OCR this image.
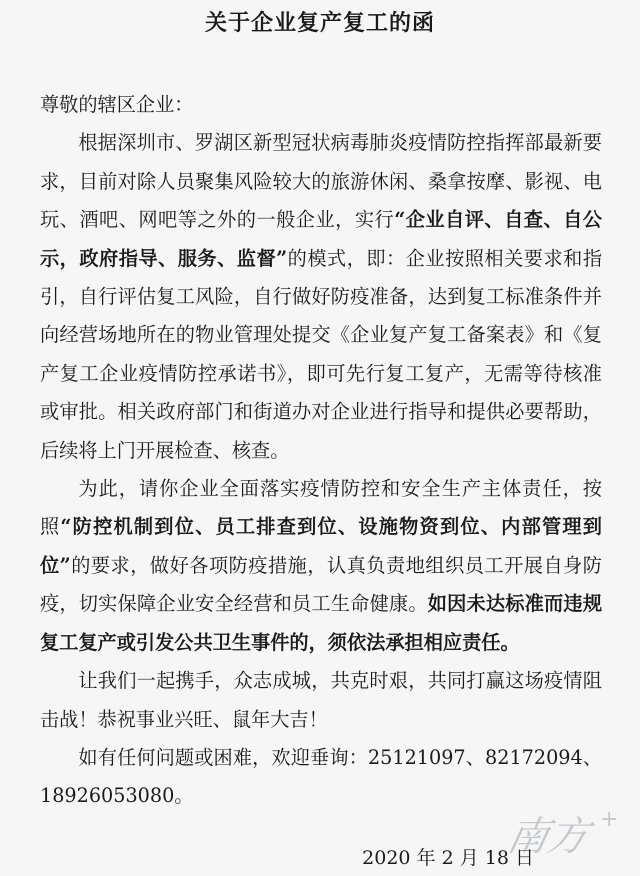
关于企业复产复工的函

尊敬的辖区企业：

根据深圳市、罗湖区新型冠状病毒肺炎疫情防控指挥部最新要求，目前对除人员聚集风险较大的旅游休闲、桑拿按摩、影视、电玩、酒吧、网吧等之外的一般企业，实行“企业自评、自查、自公示，政府指导、服务、监督”的模式，即：企业按照相关要求和指引，自行评估复工风险，自行做好防疫准备，达到复工标准条件并向经营场地所在的物业管理处提交《企业复产复工备案表》和《复产复工企业疫情防控承诺书》，即可先行复工复产，无需等待核准或审批。相关政府部门和街道办对企业进行指导和提供必要帮助，后续将上门开展检查、核查。

为此，请你企业全面落实疫情防控和安全生产主体责任，按照“防控机制到位、员工排查到位、设施物资到位、内部管理到位”的要求，做好各项防疫措施，认真负责地组织员工开展自身防疫，切实保障企业安全经营和员工生命健康。如因未达标准而违规复工复产或引发公共卫生事件的，须依法承担相应责任。

让我们一起携手，众志成城，共克时艰，共同打赢这场疫情阻击战！恭祝事业兴旺、鼠年大吉！

如有任何问题或困难，欢迎垂询：25121097、82172094、18926053080。

2020 年 2 月 18 日
南方 +
